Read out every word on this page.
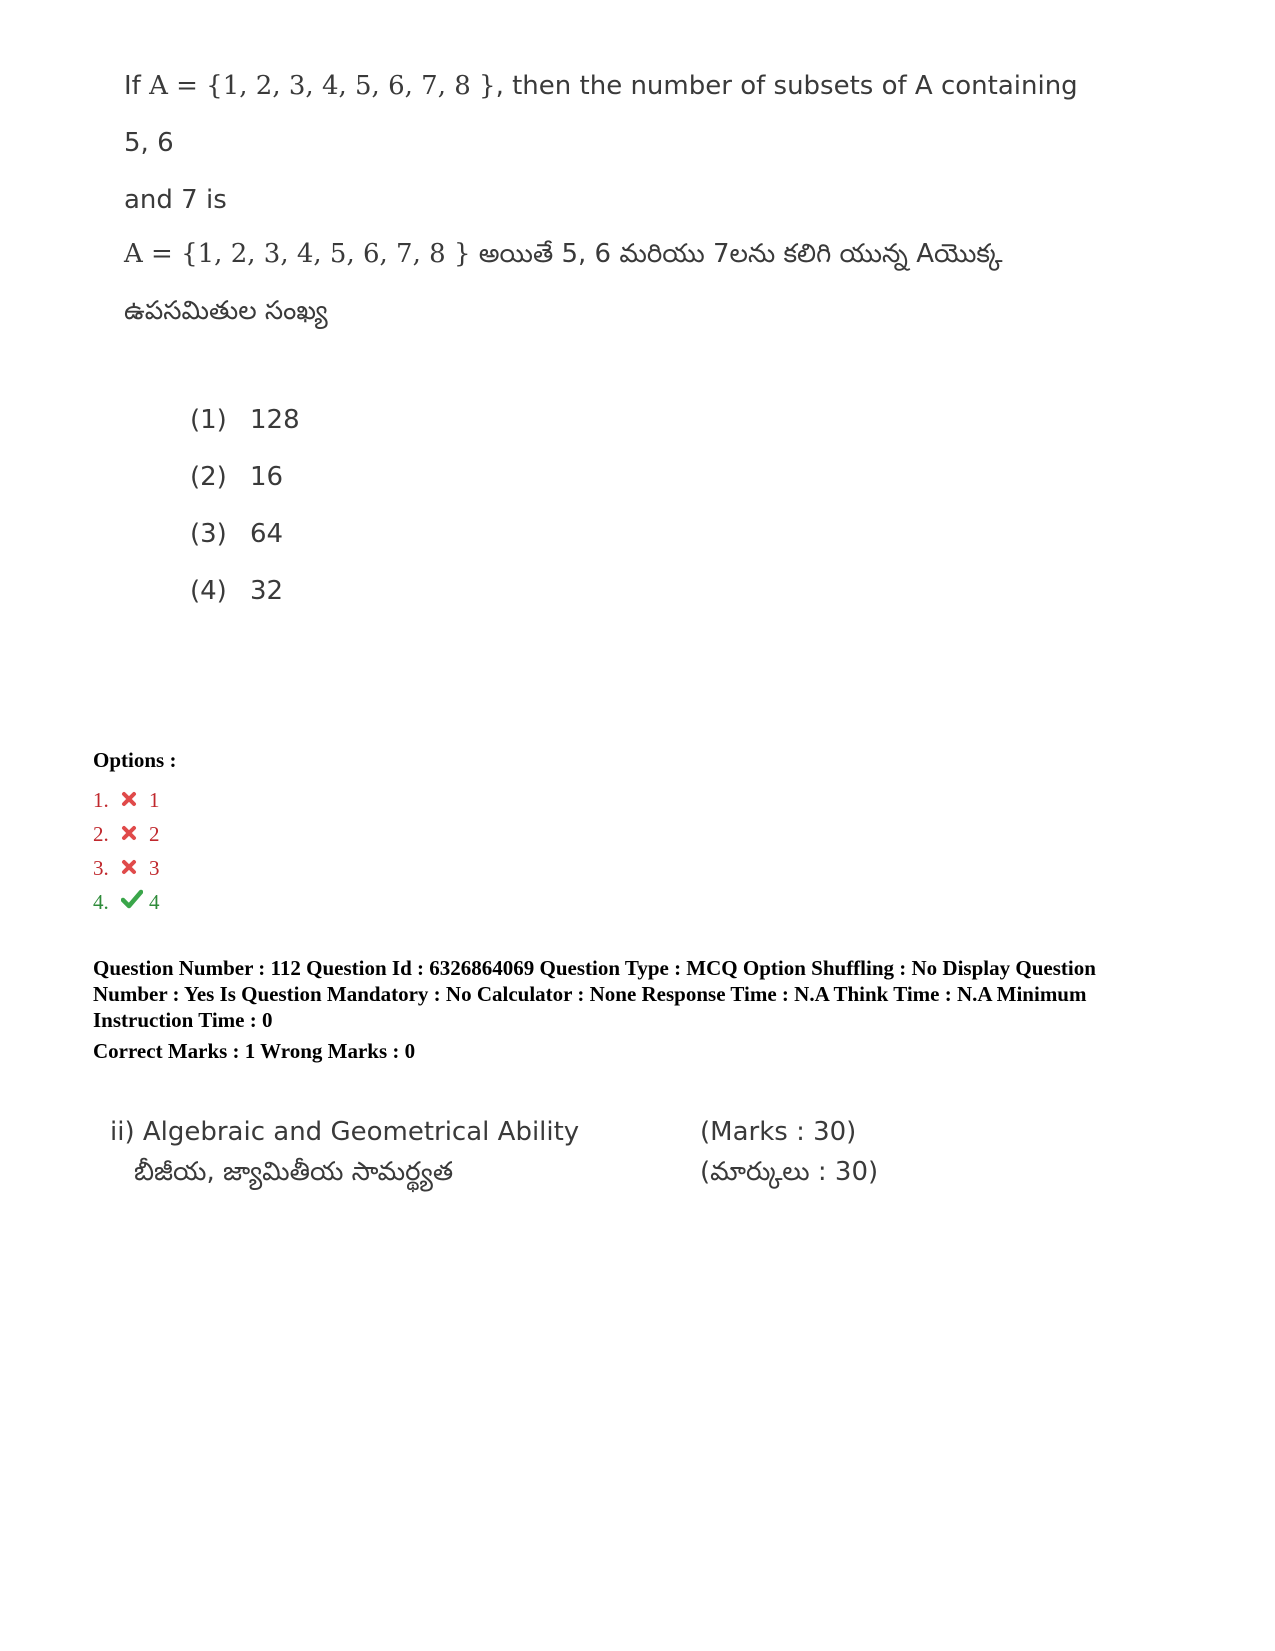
If A = {1, 2, 3, 4, 5, 6, 7, 8 }, then the number of subsets of A containing 5, 6
and 7 is
A = {1, 2, 3, 4, 5, 6, 7, 8 } అయితే 5, 6 మరియు 7లను కలిగి యున్న Aయొక్క
ఉపసమితుల సంఖ్య
(1) 128
(2) 16
(3) 64
(4) 32
Options :
1.	1
2.	2
3.	3
4.	4
Question Number : 112 Question Id : 6326864069 Question Type : MCQ Option Shuffling : No Display Question
Number : Yes Is Question Mandatory : No Calculator : None Response Time : N.A Think Time : N.A Minimum
Instruction Time : 0
Correct Marks : 1 Wrong Marks : 0
ii) Algebraic and Geometrical Ability	(Marks : 30)
బీజీయ, జ్యామితీయ సామర్థ్యత	(మార్కులు : 30)
